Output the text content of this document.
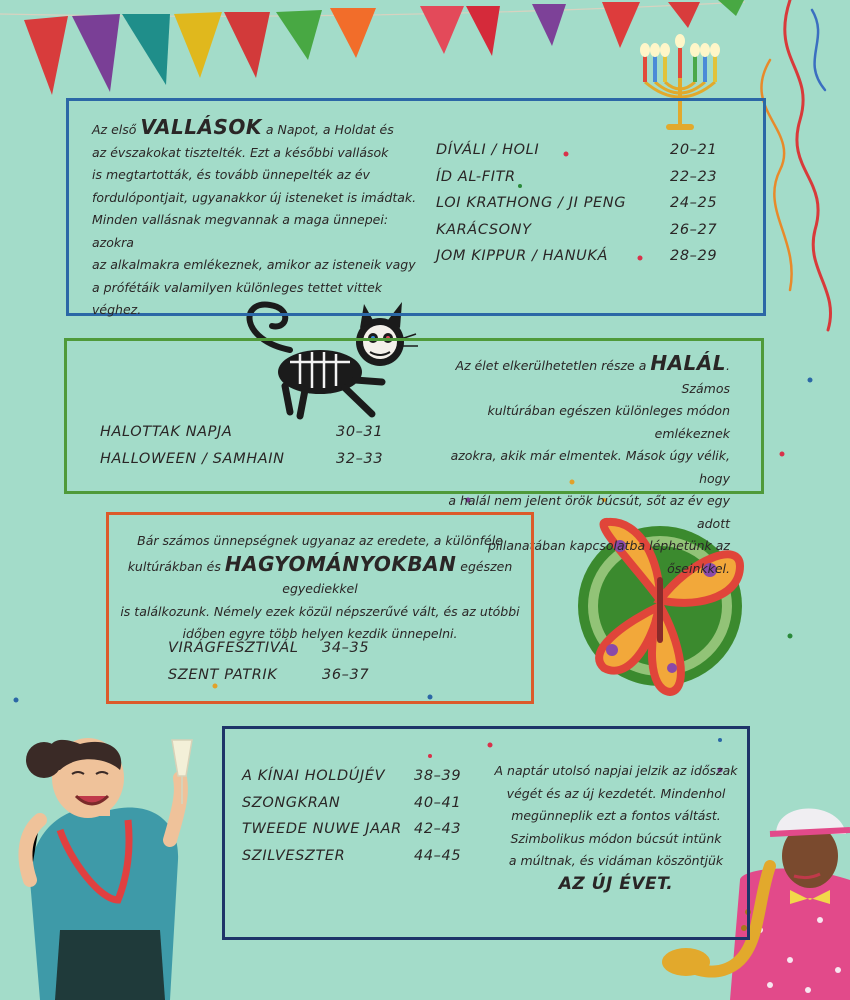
Az első VALLÁSOK a Napot, a Holdat és
az évszakokat tisztelték. Ezt a későbbi vallások
is megtartották, és tovább ünnepelték az év
fordulópontjait, ugyanakkor új isteneket is imádtak.
Minden vallásnak megvannak a maga ünnepei: azokra
az alkalmakra emlékeznek, amikor az isteneik vagy
a prófétáik valamilyen különleges tettet vittek véghez.
DÍVÁLI / HOLI	20–21
ÍD AL-FITR	22–23
LOI KRATHONG / JI PENG	24–25
KARÁCSONY	26–27
JOM KIPPUR / HANUKÁ	28–29
HALOTTAK NAPJA	30–31
HALLOWEEN / SAMHAIN	32–33
Az élet elkerülhetetlen része a HALÁL. Számos
kultúrában egészen különleges módon emlékeznek
azokra, akik már elmentek. Mások úgy vélik, hogy
a halál nem jelent örök búcsút, sőt az év egy adott
pillanatában kapcsolatba léphetünk az őseinkkel.
Bár számos ünnepségnek ugyanaz az eredete, a különféle
kultúrákban és HAGYOMÁNYOKBAN egészen egyediekkel
is találkozunk. Némely ezek közül népszerűvé vált, és az utóbbi
időben egyre több helyen kezdik ünnepelni.
VIRÁGFESZTIVÁL 34–35
SZENT PATRIK	36–37
A KÍNAI HOLDÚJÉV 38–39
SZONGKRAN	40–41
TWEEDE NUWE JAAR 42–43
SZILVESZTER	44–45
A naptár utolsó napjai jelzik az időszak
végét és az új kezdetét. Mindenhol
megünneplik ezt a fontos váltást.
Szimbolikus módon búcsút intünk
a múltnak, és vidáman köszöntjük
AZ ÚJ ÉVET.
